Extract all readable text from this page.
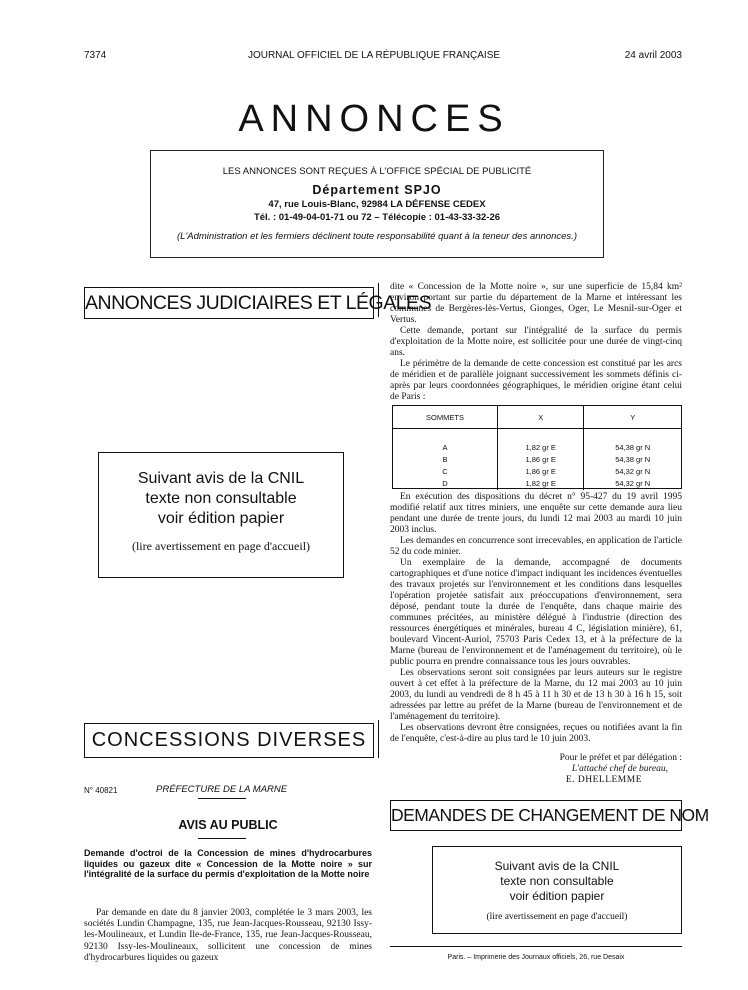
7374	JOURNAL OFFICIEL DE LA RÉPUBLIQUE FRANÇAISE	24 avril 2003
ANNONCES
LES ANNONCES SONT REÇUES À L'OFFICE SPÉCIAL DE PUBLICITÉ
Département SPJO
47, rue Louis-Blanc, 92984 LA DÉFENSE CEDEX
Tél. : 01-49-04-01-71 ou 72 – Télécopie : 01-43-33-32-26
(L'Administration et les fermiers déclinent toute responsabilité quant à la teneur des annonces.)
ANNONCES JUDICIAIRES ET LÉGALES
Suivant avis de la CNIL
texte non consultable
voir édition papier
(lire avertissement en page d'accueil)
CONCESSIONS DIVERSES
N° 40821	PRÉFECTURE DE LA MARNE
AVIS AU PUBLIC
Demande d'octroi de la Concession de mines d'hydrocarbures liquides ou gazeux dite « Concession de la Motte noire » sur l'intégralité de la surface du permis d'exploitation de la Motte noire

Par demande en date du 8 janvier 2003, complétée le 3 mars 2003, les sociétés Lundin Champagne, 135, rue Jean-Jacques-Rousseau, 92130 Issy-les-Moulineaux, et Lundin Ile-de-France, 135, rue Jean-Jacques-Rousseau, 92130 Issy-les-Moulineaux, sollicitent une concession de mines d'hydrocarbures liquides ou gazeux

dite « Concession de la Motte noire », sur une superficie de 15,84 km² environ portant sur partie du département de la Marne et intéressant les communes de Bergères-lès-Vertus, Gionges, Oger, Le Mesnil-sur-Oger et Vertus.

Cette demande, portant sur l'intégralité de la surface du permis d'exploitation de la Motte noire, est sollicitée pour une durée de vingt-cinq ans.

Le périmètre de la demande de cette concession est constitué par les arcs de méridien et de parallèle joignant successivement les sommets définis ci-après par leurs coordonnées géographiques, le méridien origine étant celui de Paris :

SOMMETS	X	Y
A	1,82 gr E	54,38 gr N
B	1,86 gr E	54,38 gr N
C	1,86 gr E	54,32 gr N
D	1,82 gr E	54,32 gr N

En exécution des dispositions du décret n° 95-427 du 19 avril 1995 modifié relatif aux titres miniers, une enquête sur cette demande aura lieu pendant une durée de trente jours, du lundi 12 mai 2003 au mardi 10 juin 2003 inclus.

Les demandes en concurrence sont irrecevables, en application de l'article 52 du code minier.

Un exemplaire de la demande, accompagné de documents cartographiques et d'une notice d'impact indiquant les incidences éventuelles des travaux projetés sur l'environnement et les conditions dans lesquelles l'opération projetée satisfait aux préoccupations d'environnement, sera déposé, pendant toute la durée de l'enquête, dans chaque mairie des communes précitées, au ministère délégué à l'industrie (direction des ressources énergétiques et minérales, bureau 4 C, législation minière), 61, boulevard Vincent-Auriol, 75703 Paris Cedex 13, et à la préfecture de la Marne (bureau de l'environnement et de l'aménagement du territoire), où le public pourra en prendre connaissance tous les jours ouvrables.

Les observations seront soit consignées par leurs auteurs sur le registre ouvert à cet effet à la préfecture de la Marne, du 12 mai 2003 au 10 juin 2003, du lundi au vendredi de 8 h 45 à 11 h 30 et de 13 h 30 à 16 h 15, soit adressées par lettre au préfet de la Marne (bureau de l'environnement et de l'aménagement du territoire).

Les observations devront être consignées, reçues ou notifiées avant la fin de l'enquête, c'est-à-dire au plus tard le 10 juin 2003.

Pour le préfet et par délégation :
L'attaché chef de bureau,
E. DHELLEMME
DEMANDES DE CHANGEMENT DE NOM
Suivant avis de la CNIL
texte non consultable
voir édition papier
(lire avertissement en page d'accueil)
Paris. – Imprimerie des Journaux officiels, 26, rue Desaix
